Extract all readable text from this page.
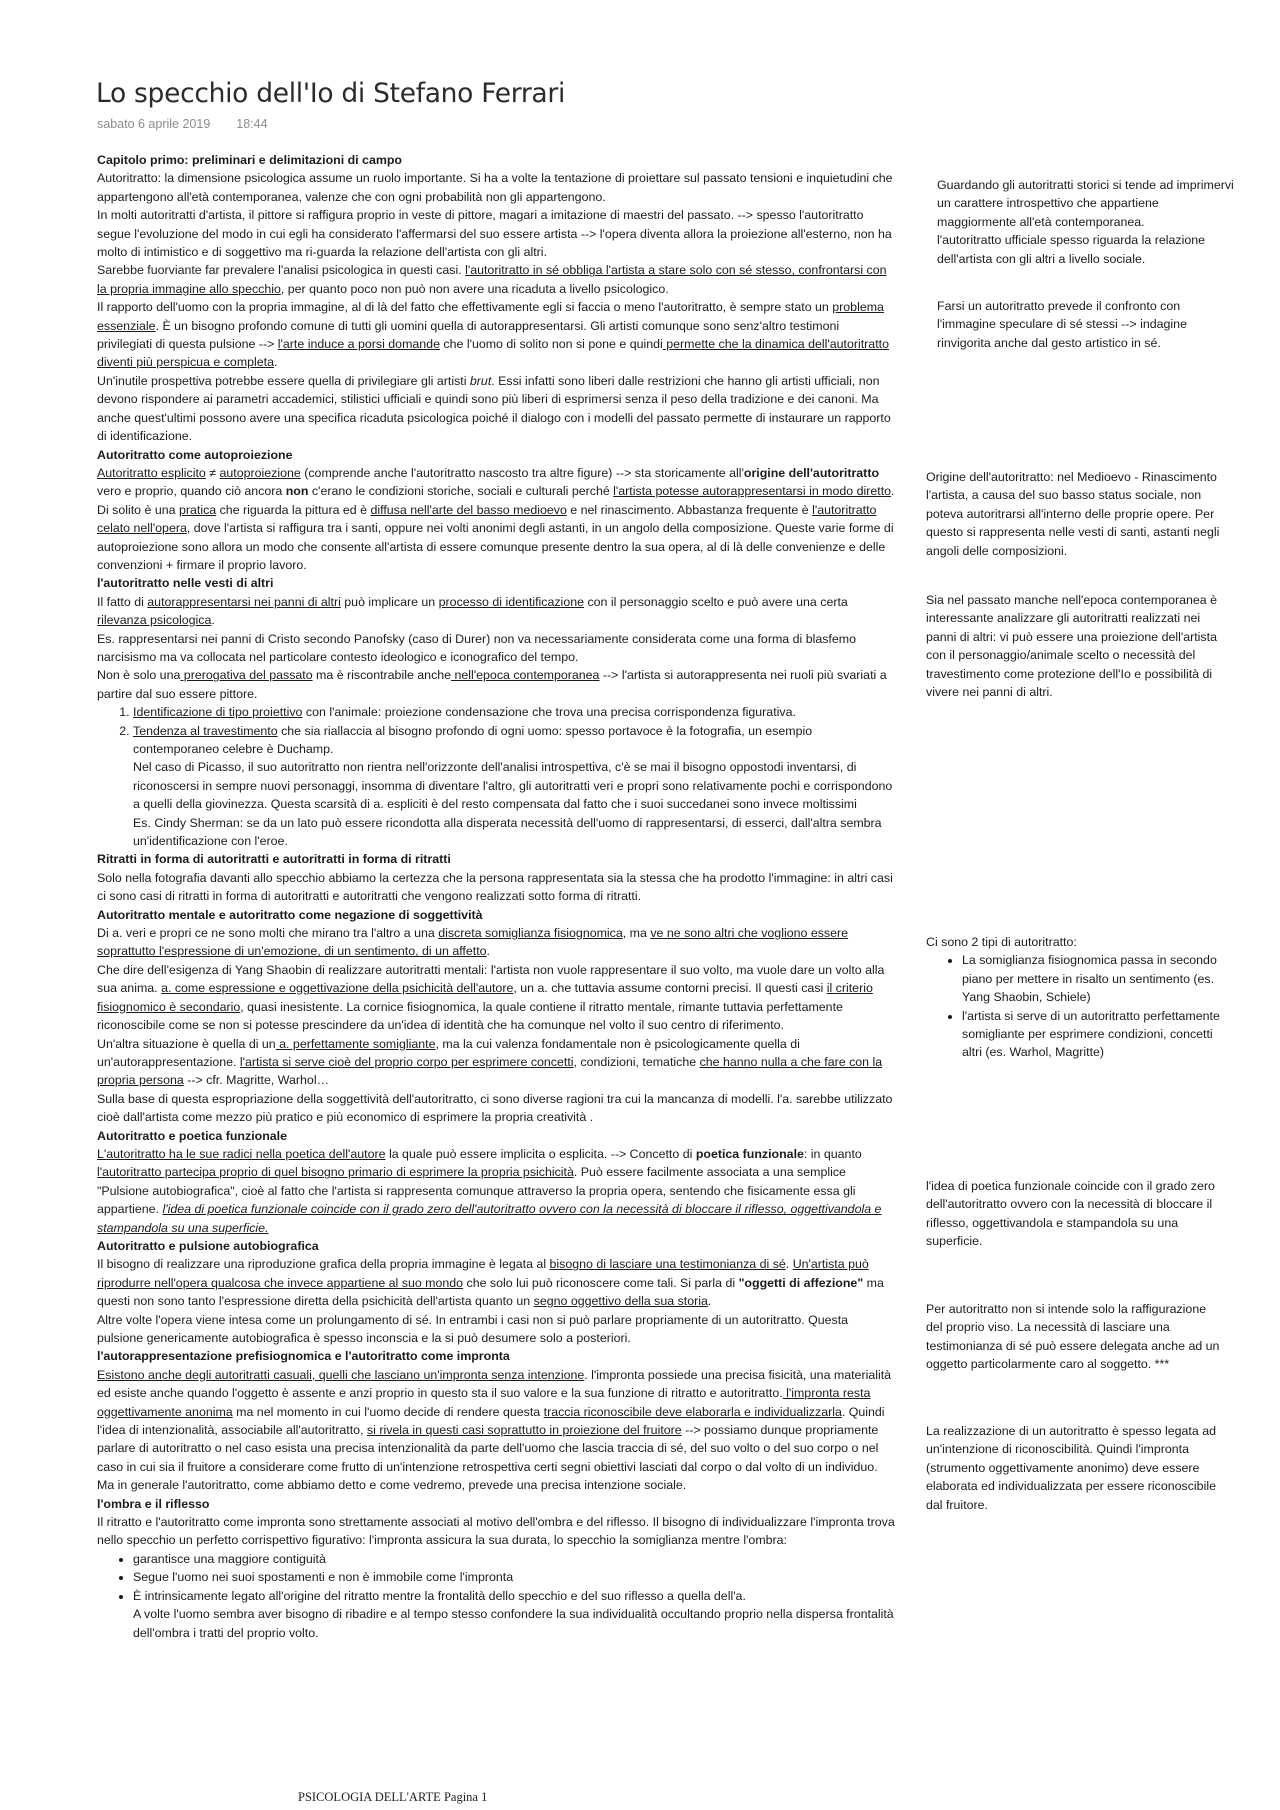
Lo specchio dell'Io di Stefano Ferrari
sabato 6 aprile 2019 18:44

Capitolo primo: preliminari e delimitazioni di campo

Autoritratto: la dimensione psicologica assume un ruolo importante. Si ha a volte la tentazione di proiettare sul passato tensioni e inquietudini che appartengono all'età contemporanea, valenze che con ogni probabilità non gli appartengono.

In molti autoritratti d'artista, il pittore si raffigura proprio in veste di pittore, magari a imitazione di maestri del passato. --> spesso l'autoritratto segue l'evoluzione del modo in cui egli ha considerato l'affermarsi del suo essere artista --> l'opera diventa allora la proiezione all'esterno, non ha molto di intimistico e di soggettivo ma ri-guarda la relazione dell'artista con gli altri.

Sarebbe fuorviante far prevalere l'analisi psicologica in questi casi. l'autoritratto in sé obbliga l'artista a stare solo con sé stesso, confrontarsi con la propria immagine allo specchio, per quanto poco non può non avere una ricaduta a livello psicologico.

Il rapporto dell'uomo con la propria immagine, al di là del fatto che effettivamente egli si faccia o meno l'autoritratto, è sempre stato un problema essenziale. È un bisogno profondo comune di tutti gli uomini quella di autorappresentarsi. Gli artisti comunque sono senz'altro testimoni privilegiati di questa pulsione --> l'arte induce a porsi domande che l'uomo di solito non si pone e quindi permette che la dinamica dell'autoritratto diventi più perspicua e completa.

Un'inutile prospettiva potrebbe essere quella di privilegiare gli artisti brut. Essi infatti sono liberi dalle restrizioni che hanno gli artisti ufficiali, non devono rispondere ai parametri accademici, stilistici ufficiali e quindi sono più liberi di esprimersi senza il peso della tradizione e dei canoni. Ma anche quest'ultimi possono avere una specifica ricaduta psicologica poiché il dialogo con i modelli del passato permette di instaurare un rapporto di identificazione.

Autoritratto come autoproiezione

Autoritratto esplicito ≠ autoproiezione (comprende anche l'autoritratto nascosto tra altre figure) --> sta storicamente all'origine dell'autoritratto vero e proprio, quando ciò ancora non c'erano le condizioni storiche, sociali e culturali perché l'artista potesse autorappresentarsi in modo diretto. Di solito è una pratica che riguarda la pittura ed è diffusa nell'arte del basso medioevo e nel rinascimento. Abbastanza frequente è l'autoritratto celato nell'opera, dove l'artista si raffigura tra i santi, oppure nei volti anonimi degli astanti, in un angolo della composizione. Queste varie forme di autoproiezione sono allora un modo che consente all'artista di essere comunque presente dentro la sua opera, al di là delle convenienze e delle convenzioni + firmare il proprio lavoro.

l'autoritratto nelle vesti di altri

Il fatto di autorappresentarsi nei panni di altri può implicare un processo di identificazione con il personaggio scelto e può avere una certa rilevanza psicologica.

Es. rappresentarsi nei panni di Cristo secondo Panofsky (caso di Durer) non va necessariamente considerata come una forma di blasfemo narcisismo ma va collocata nel particolare contesto ideologico e iconografico del tempo.

Non è solo una prerogativa del passato ma è riscontrabile anche nell'epoca contemporanea --> l'artista si autorappresenta nei ruoli più svariati a partire dal suo essere pittore.

1. Identificazione di tipo proiettivo con l'animale: proiezione condensazione che trova una precisa corrispondenza figurativa.
2. Tendenza al travestimento che sia riallaccia al bisogno profondo di ogni uomo: spesso portavoce è la fotografia, un esempio contemporaneo celebre è Duchamp.
Nel caso di Picasso, il suo autoritratto non rientra nell'orizzonte dell'analisi introspettiva, c'è se mai il bisogno oppostodi inventarsi, di riconoscersi in sempre nuovi personaggi, insomma di diventare l'altro, gli autoritratti veri e propri sono relativamente pochi e corrispondono a quelli della giovinezza. Questa scarsità di a. espliciti è del resto compensata dal fatto che i suoi succedanei sono invece moltissimi
Es. Cindy Sherman: se da un lato può essere ricondotta alla disperata necessità dell'uomo di rappresentarsi, di esserci, dall'altra sembra un'identificazione con l'eroe.

Ritratti in forma di autoritratti e autoritratti in forma di ritratti

Solo nella fotografia davanti allo specchio abbiamo la certezza che la persona rappresentata sia la stessa che ha prodotto l'immagine: in altri casi ci sono casi di ritratti in forma di autoritratti e autoritratti che vengono realizzati sotto forma di ritratti.

Autoritratto mentale e autoritratto come negazione di soggettività

Di a. veri e propri ce ne sono molti che mirano tra l'altro a una discreta somiglianza fisiognomica, ma ve ne sono altri che vogliono essere soprattutto l'espressione di un'emozione, di un sentimento, di un affetto.

Che dire dell'esigenza di Yang Shaobin di realizzare autoritratti mentali: l'artista non vuole rappresentare il suo volto, ma vuole dare un volto alla sua anima. a. come espressione e oggettivazione della psichicità dell'autore, un a. che tuttavia assume contorni precisi. Il questi casi il criterio fisiognomico è secondario, quasi inesistente. La cornice fisiognomica, la quale contiene il ritratto mentale, rimante tuttavia perfettamente riconoscibile come se non si potesse prescindere da un'idea di identità che ha comunque nel volto il suo centro di riferimento.

Un'altra situazione è quella di un a. perfettamente somigliante, ma la cui valenza fondamentale non è psicologicamente quella di un'autorappresentazione. l'artista si serve cioè del proprio corpo per esprimere concetti, condizioni, tematiche che hanno nulla a che fare con la propria persona --> cfr. Magritte, Warhol…

Sulla base di questa espropriazione della soggettività dell'autoritratto, ci sono diverse ragioni tra cui la mancanza di modelli. l'a. sarebbe utilizzato cioè dall'artista come mezzo più pratico e più economico di esprimere la propria creatività .

Autoritratto e poetica funzionale

L'autoritratto ha le sue radici nella poetica dell'autore la quale può essere implicita o esplicita. --> Concetto di poetica funzionale: in quanto l'autoritratto partecipa proprio di quel bisogno primario di esprimere la propria psichicità. Può essere facilmente associata a una semplice "Pulsione autobiografica", cioè al fatto che l'artista si rappresenta comunque attraverso la propria opera, sentendo che fisicamente essa gli appartiene. l'idea di poetica funzionale coincide con il grado zero dell'autoritratto ovvero con la necessità di bloccare il riflesso, oggettivandola e stampandola su una superficie.

Autoritratto e pulsione autobiografica

Il bisogno di realizzare una riproduzione grafica della propria immagine è legata al bisogno di lasciare una testimonianza di sé. Un'artista può riprodurre nell'opera qualcosa che invece appartiene al suo mondo che solo lui può riconoscere come tali. Si parla di "oggetti di affezione" ma questi non sono tanto l'espressione diretta della psichicità dell'artista quanto un segno oggettivo della sua storia.

Altre volte l'opera viene intesa come un prolungamento di sé. In entrambi i casi non si può parlare propriamente di un autoritratto. Questa pulsione genericamente autobiografica è spesso inconscia e la si può desumere solo a posteriori.

l'autorappresentazione prefisiognomica e l'autoritratto come impronta

Esistono anche degli autoritratti casuali, quelli che lasciano un'impronta senza intenzione. l'impronta possiede una precisa fisicità, una materialità ed esiste anche quando l'oggetto è assente e anzi proprio in questo sta il suo valore e la sua funzione di ritratto e autoritratto. l'impronta resta oggettivamente anonima ma nel momento in cui l'uomo decide di rendere questa traccia riconoscibile deve elaborarla e individualizzarla. Quindi l'idea di intenzionalità, associabile all'autoritratto, si rivela in questi casi soprattutto in proiezione del fruitore --> possiamo dunque propriamente parlare di autoritratto o nel caso esista una precisa intenzionalità da parte dell'uomo che lascia traccia di sé, del suo volto o del suo corpo o nel caso in cui sia il fruitore a considerare come frutto di un'intenzione retrospettiva certi segni obiettivi lasciati dal corpo o dal volto di un individuo. Ma in generale l'autoritratto, come abbiamo detto e come vedremo, prevede una precisa intenzione sociale.

l'ombra e il riflesso

Il ritratto e l'autoritratto come impronta sono strettamente associati al motivo dell'ombra e del riflesso. Il bisogno di individualizzare l'impronta trova nello specchio un perfetto corrispettivo figurativo: l'impronta assicura la sua durata, lo specchio la somiglianza mentre l'ombra:

• garantisce una maggiore contiguità
• Segue l'uomo nei suoi spostamenti e non è immobile come l'impronta
• È intrinsicamente legato all'origine del ritratto mentre la frontalità dello specchio e del suo riflesso a quella dell'a.
A volte l'uomo sembra aver bisogno di ribadire e al tempo stesso confondere la sua individualità occultando proprio nella dispersa frontalità dell'ombra i tratti del proprio volto.

Guardando gli autoritratti storici si tende ad imprimervi un carattere introspettivo che appartiene maggiormente all'età contemporanea.

l'autoritratto ufficiale spesso riguarda la relazione dell'artista con gli altri a livello sociale.

Farsi un autoritratto prevede il confronto con l'immagine speculare di sé stessi --> indagine rinvigorita anche dal gesto artistico in sé.

Origine dell'autoritratto: nel Medioevo - Rinascimento l'artista, a causa del suo basso status sociale, non poteva autoritrarsi all'interno delle proprie opere. Per questo si rappresenta nelle vesti di santi, astanti negli angoli delle composizioni.

Sia nel passato manche nell'epoca contemporanea è interessante analizzare gli autoritratti realizzati nei panni di altri: vi può essere una proiezione dell'artista con il personaggio/animale scelto o necessità del travestimento come protezione dell'Io e possibilità di vivere nei panni di altri.

Ci sono 2 tipi di autoritratto:

• La somiglianza fisiognomica passa in secondo piano per mettere in risalto un sentimento (es. Yang Shaobin, Schiele)
• l'artista si serve di un autoritratto perfettamente somigliante per esprimere condizioni, concetti altri (es. Warhol, Magritte)

l'idea di poetica funzionale coincide con il grado zero dell'autoritratto ovvero con la necessità di bloccare il riflesso, oggettivandola e stampandola su una superficie.

Per autoritratto non si intende solo la raffigurazione del proprio viso. La necessità di lasciare una testimonianza di sé può essere delegata anche ad un oggetto particolarmente caro al soggetto. ***

La realizzazione di un autoritratto è spesso legata ad un'intenzione di riconoscibilità. Quindi l'impronta (strumento oggettivamente anonimo) deve essere elaborata ed individualizzata per essere riconoscibile dal fruitore.

PSICOLOGIA DELL'ARTE Pagina 1
